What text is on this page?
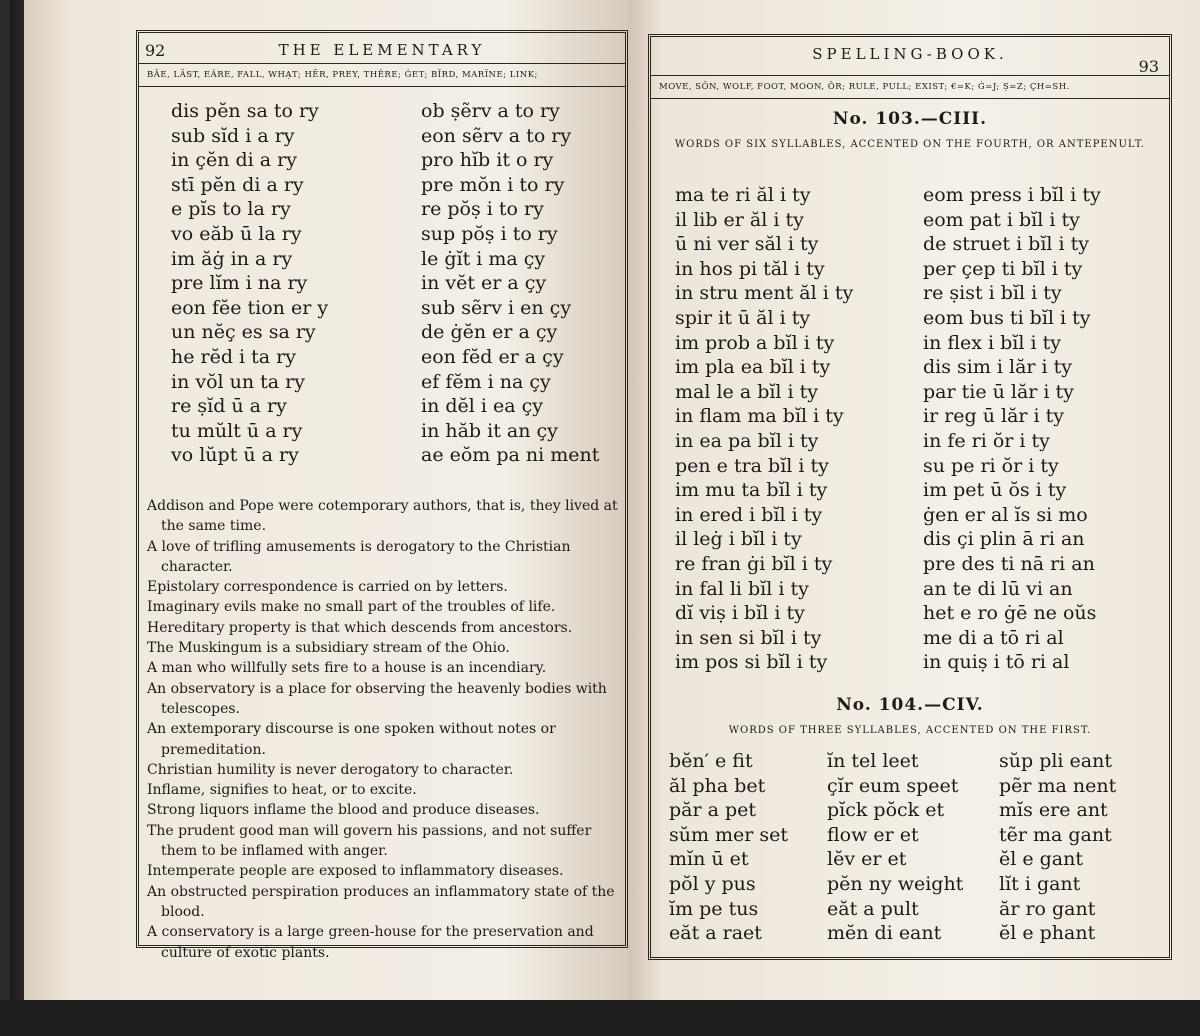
92	THE ELEMENTARY
BĀE, LÄST, EÂRE, FALL, WHẠT; HẼR, PREY, THÊRE; ĠET; BĪRD, MARÏNE; LINK;
dis pĕn sa to ry
sub sĭd i a ry
in çĕn di a ry
stī pĕn di a ry
e pĭs to la ry
vo eăb ū la ry
im ăġ in a ry
pre lĭm i na ry
eon fĕe tion er y
un nĕç es sa ry
he rĕd i ta ry
in vŏl un ta ry
re ṣĭd ū a ry
tu mŭlt ū a ry
vo lŭpt ū a ry
ob ṣẽrv a to ry
eon sẽrv a to ry
pro hĭb it o ry
pre mŏn i to ry
re pŏṣ i to ry
sup pŏṣ i to ry
le ġĭt i ma çy
in vĕt er a çy
sub sẽrv i en çy
de ġĕn er a çy
eon fĕd er a çy
ef fĕm i na çy
in dĕl i ea çy
in hăb it an çy
ae eŏm pa ni ment
Addison and Pope were cotemporary authors, that is, they lived at the same time.
A love of trifling amusements is derogatory to the Christian character.
Epistolary correspondence is carried on by letters.
Imaginary evils make no small part of the troubles of life.
Hereditary property is that which descends from ancestors.
The Muskingum is a subsidiary stream of the Ohio.
A man who willfully sets fire to a house is an incendiary.
An observatory is a place for observing the heavenly bodies with telescopes.
An extemporary discourse is one spoken without notes or premeditation.
Christian humility is never derogatory to character.
Inflame, signifies to heat, or to excite.
Strong liquors inflame the blood and produce diseases.
The prudent good man will govern his passions, and not suffer them to be inflamed with anger.
Intemperate people are exposed to inflammatory diseases.
An obstructed perspiration produces an inflammatory state of the blood.
A conservatory is a large green-house for the preservation and culture of exotic plants.
SPELLING-BOOK.
93
MOVE, SŎN, WOLF, FOOT, MOON, ÔR; RULE, PULL; EXIST; €=K; Ġ=J; Ṣ=Z; ÇH=SH.
No. 103.—CIII.
WORDS OF SIX SYLLABLES, ACCENTED ON THE FOURTH, OR ANTEPENULT.
ma te ri ăl i ty
il lib er ăl i ty
ū ni ver săl i ty
in hos pi tăl i ty
in stru ment ăl i ty
spir it ū ăl i ty
im prob a bĭl i ty
im pla ea bĭl i ty
mal le a bĭl i ty
in flam ma bĭl i ty
in ea pa bĭl i ty
pen e tra bĭl i ty
im mu ta bĭl i ty
in ered i bĭl i ty
il leġ i bĭl i ty
re fran ġi bĭl i ty
in fal li bĭl i ty
dĭ viṣ i bĭl i ty
in sen si bĭl i ty
im pos si bĭl i ty
eom press i bĭl i ty
eom pat i bĭl i ty
de struet i bĭl i ty
per çep ti bĭl i ty
re ṣist i bĭl i ty
eom bus ti bĭl i ty
in flex i bĭl i ty
dis sim i lăr i ty
par tie ū lăr i ty
ir reg ū lăr i ty
in fe ri ŏr i ty
su pe ri ŏr i ty
im pet ū ŏs i ty
ġen er al ĭs si mo
dis çi plin ā ri an
pre des ti nā ri an
an te di lū vi an
het e ro ġē ne oŭs
me di a tō ri al
in quiṣ i tō ri al
No. 104.—CIV.
WORDS OF THREE SYLLABLES, ACCENTED ON THE FIRST.
bĕn′ e fit
ăl pha bet
păr a pet
sŭm mer set
mĭn ū et
pŏl y pus
ĭm pe tus
eăt a raet
ĭn tel leet
çĭr eum speet
pĭck pŏck et
flow er et
lĕv er et
pĕn ny weight
eăt a pult
mĕn di eant
sŭp pli eant
pẽr ma nent
mĭs ere ant
tẽr ma gant
ĕl e gant
lĭt i gant
ăr ro gant
ĕl e phant
